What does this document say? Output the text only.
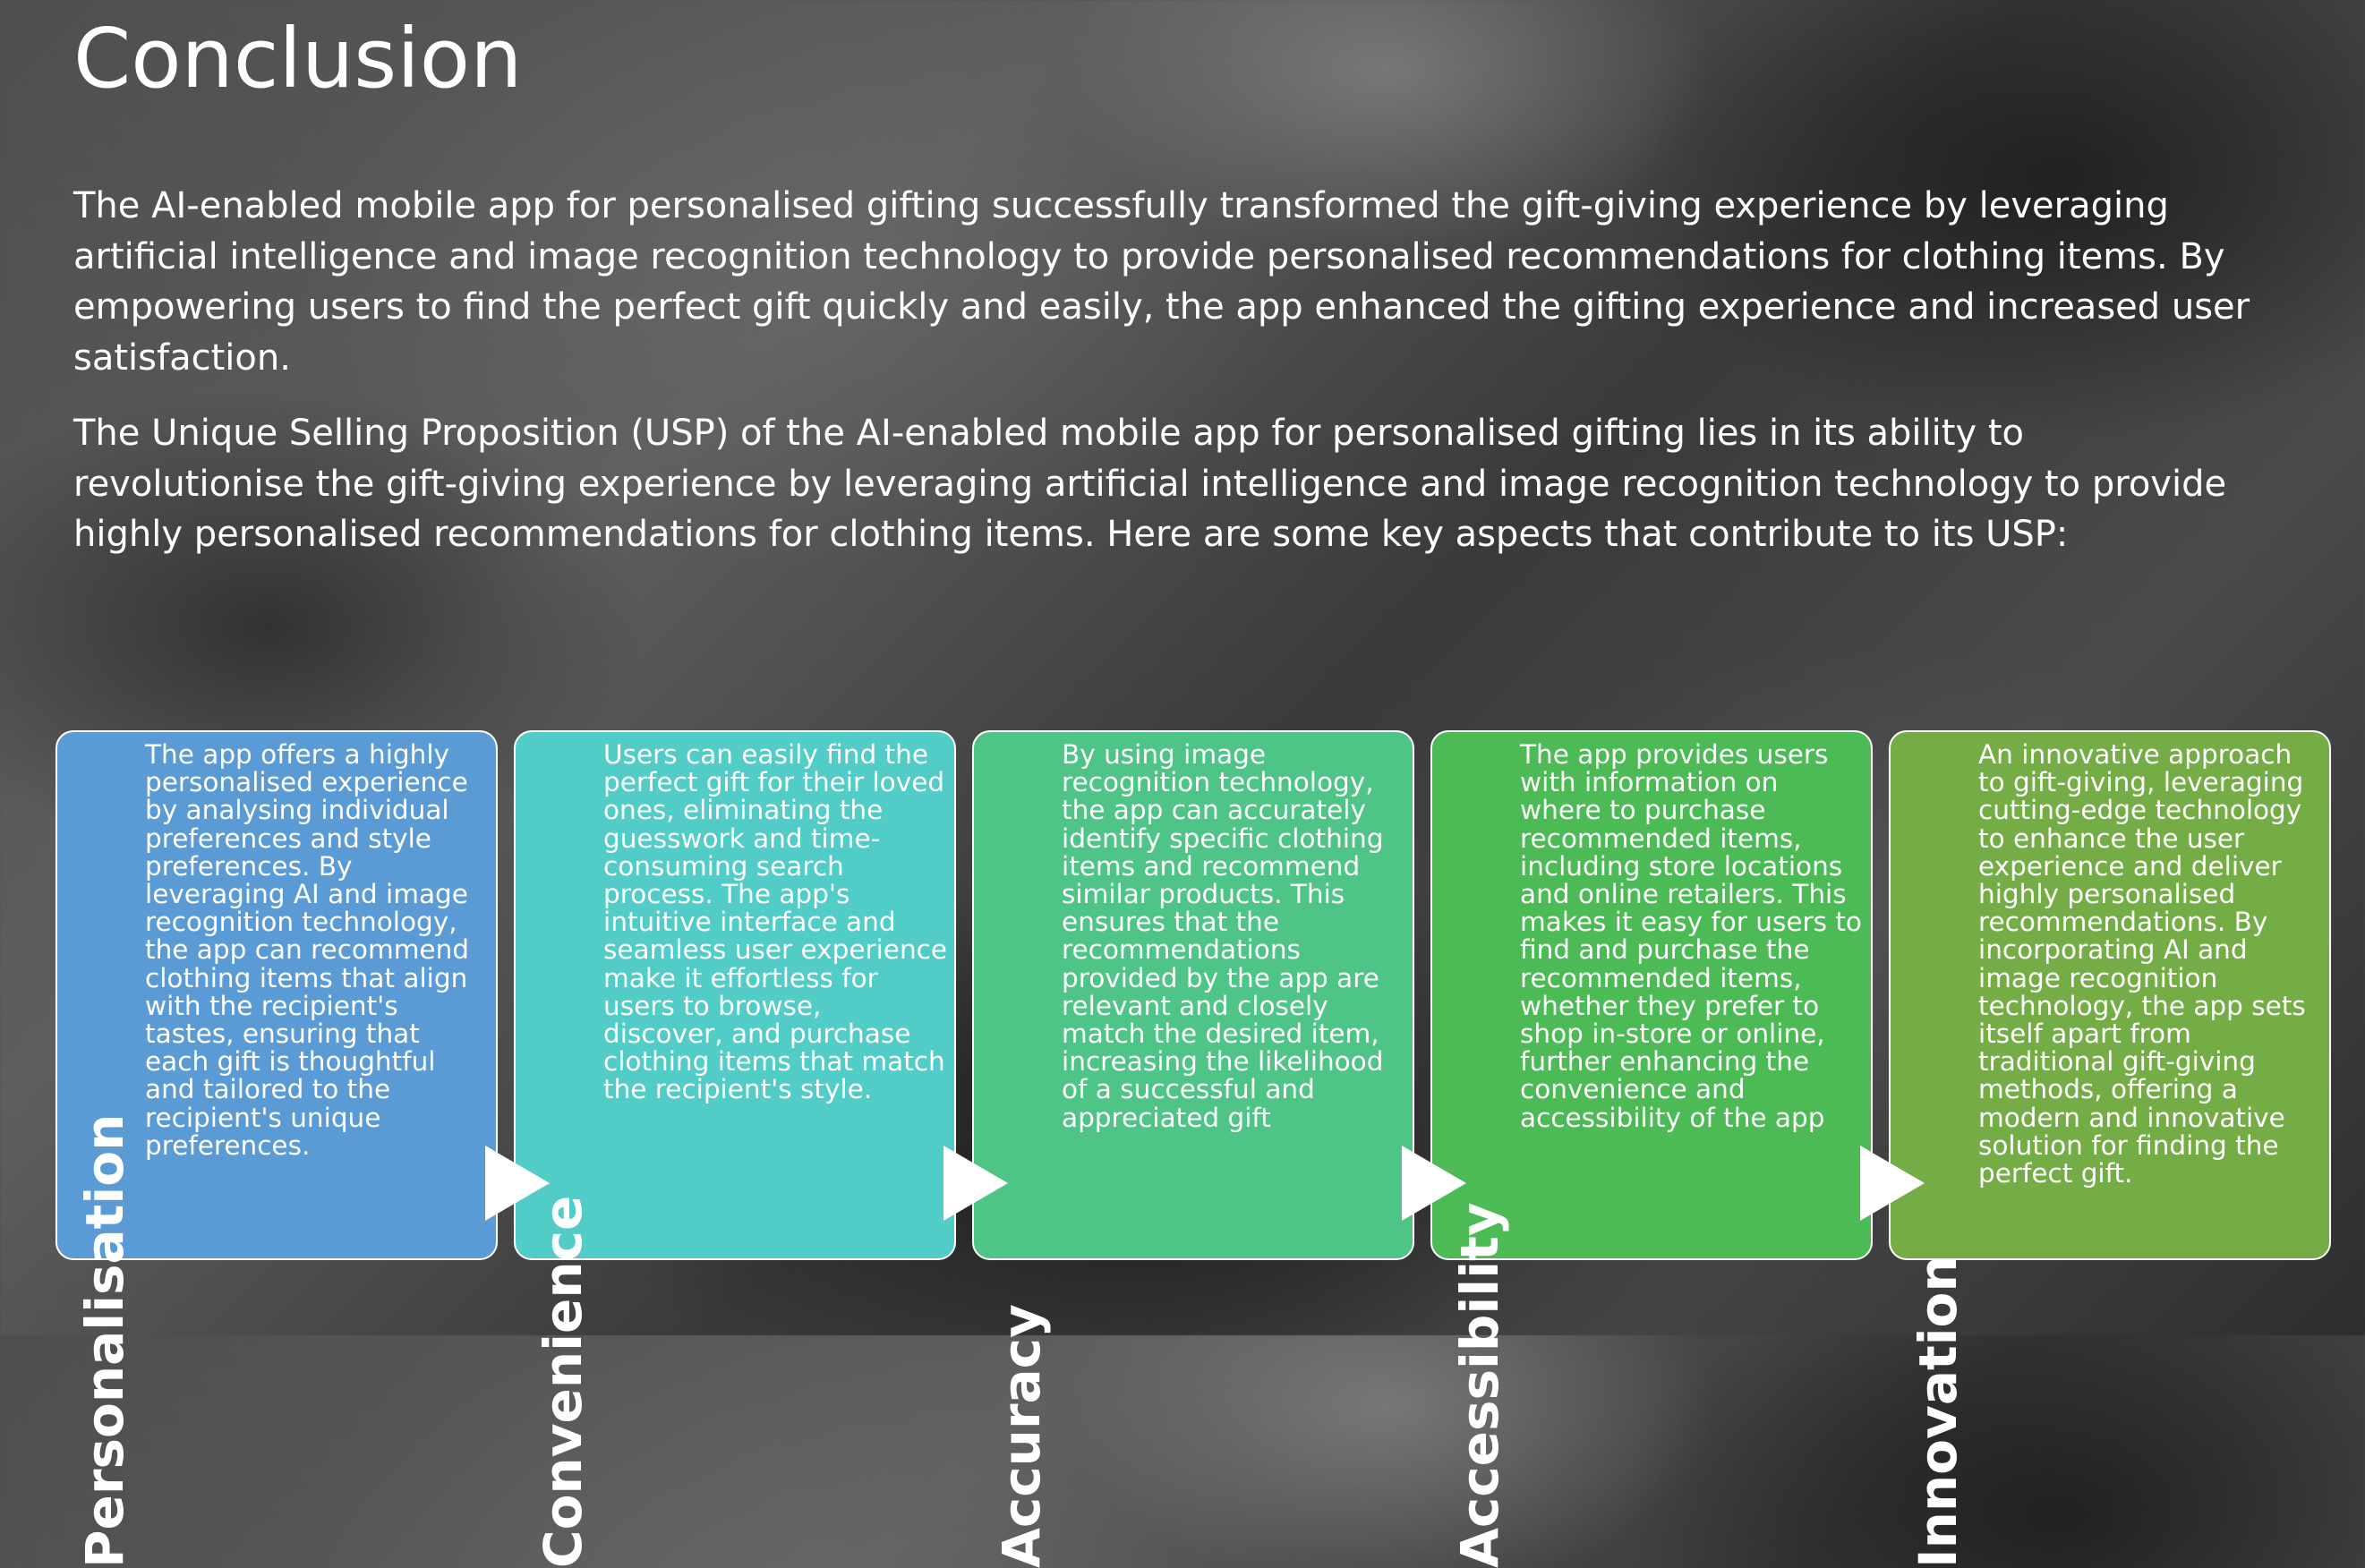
Conclusion

The AI-enabled mobile app for personalised gifting successfully transformed the gift-giving experience by leveraging artificial intelligence and image recognition technology to provide personalised recommendations for clothing items. By empowering users to find the perfect gift quickly and easily, the app enhanced the gifting experience and increased user satisfaction.

The Unique Selling Proposition (USP) of the AI-enabled mobile app for personalised gifting lies in its ability to revolutionise the gift-giving experience by leveraging artificial intelligence and image recognition technology to provide highly personalised recommendations for clothing items. Here are some key aspects that contribute to its USP:

Personalisation
The app offers a highly personalised experience by analysing individual preferences and style preferences. By leveraging AI and image recognition technology, the app can recommend clothing items that align with the recipient's tastes, ensuring that each gift is thoughtful and tailored to the recipient's unique preferences.
Convenience
Users can easily find the perfect gift for their loved ones, eliminating the guesswork and time-consuming search process. The app's intuitive interface and seamless user experience make it effortless for users to browse, discover, and purchase clothing items that match the recipient's style.
Accuracy
By using image recognition technology, the app can accurately identify specific clothing items and recommend similar products. This ensures that the recommendations provided by the app are relevant and closely match the desired item, increasing the likelihood of a successful and appreciated gift
Accessibility
The app provides users with information on where to purchase recommended items, including store locations and online retailers. This makes it easy for users to find and purchase the recommended items, whether they prefer to shop in-store or online, further enhancing the convenience and accessibility of the app
Innovation
An innovative approach to gift-giving, leveraging cutting-edge technology to enhance the user experience and deliver highly personalised recommendations. By incorporating AI and image recognition technology, the app sets itself apart from traditional gift-giving methods, offering a modern and innovative solution for finding the perfect gift.
